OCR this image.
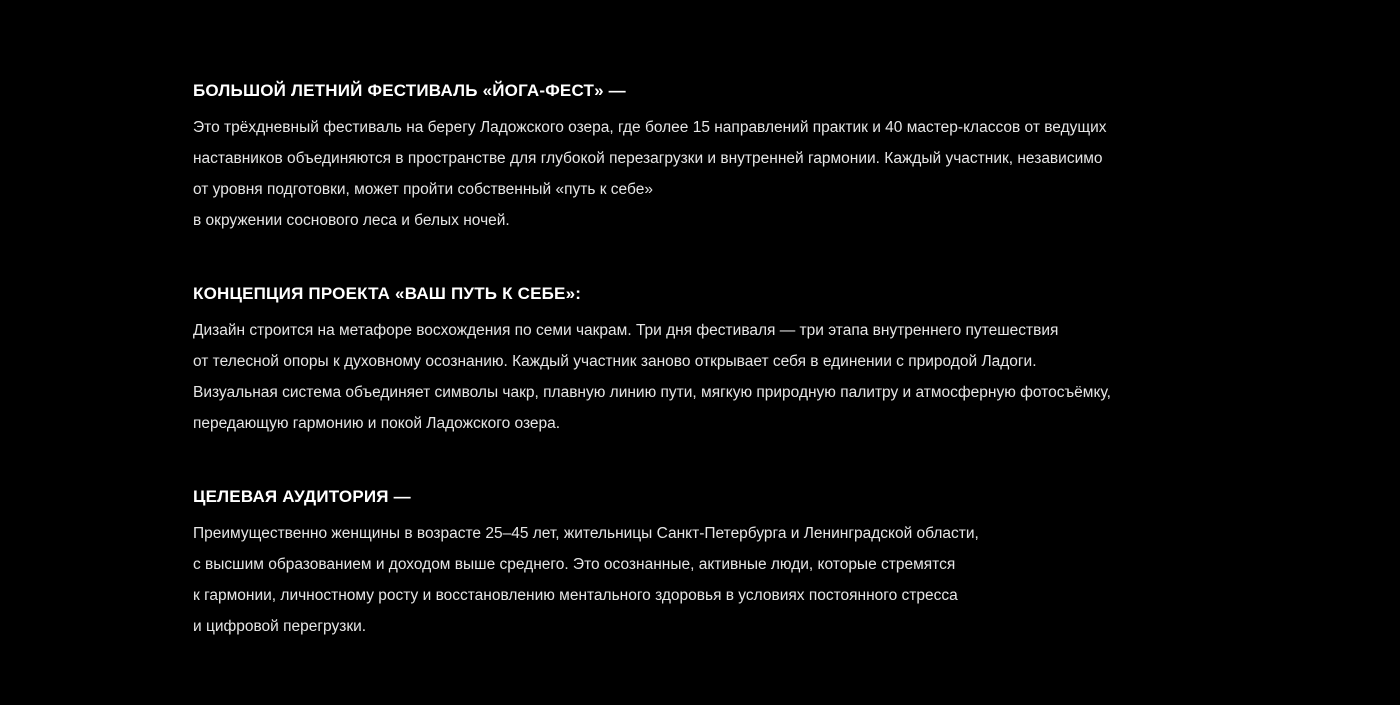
БОЛЬШОЙ ЛЕТНИЙ ФЕСТИВАЛЬ «ЙОГА-ФЕСТ» —
Это трёхдневный фестиваль на берегу Ладожского озера, где более 15 направлений практик и 40 мастер-классов от ведущих
наставников объединяются в пространстве для глубокой перезагрузки и внутренней гармонии. Каждый участник, независимо
от уровня подготовки, может пройти собственный «путь к себе»
в окружении соснового леса и белых ночей.
КОНЦЕПЦИЯ ПРОЕКТА «ВАШ ПУТЬ К СЕБЕ»:
Дизайн строится на метафоре восхождения по семи чакрам. Три дня фестиваля — три этапа внутреннего путешествия
от телесной опоры к духовному осознанию. Каждый участник заново открывает себя в единении с природой Ладоги.
Визуальная система объединяет символы чакр, плавную линию пути, мягкую природную палитру и атмосферную фотосъёмку,
передающую гармонию и покой Ладожского озера.
ЦЕЛЕВАЯ АУДИТОРИЯ —
Преимущественно женщины в возрасте 25–45 лет, жительницы Санкт-Петербурга и Ленинградской области,
с высшим образованием и доходом выше среднего. Это осознанные, активные люди, которые стремятся
к гармонии, личностному росту и восстановлению ментального здоровья в условиях постоянного стресса
и цифровой перегрузки.
